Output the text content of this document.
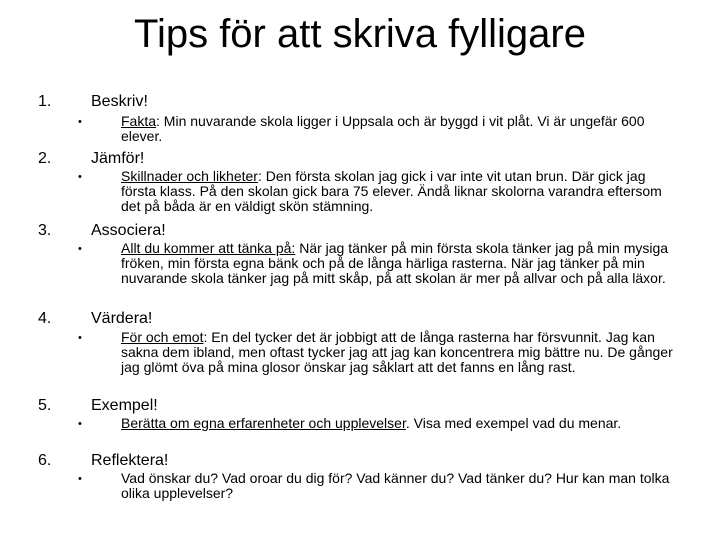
Tips för att skriva fylligare
1. Beskriv!
•	Fakta: Min nuvarande skola ligger i Uppsala och är byggd i vit plåt. Vi är ungefär 600 elever.
2. Jämför!
•	Skillnader och likheter: Den första skolan jag gick i var inte vit utan brun. Där gick jag första klass. På den skolan gick bara 75 elever. Ändå liknar skolorna varandra eftersom det på båda är en väldigt skön stämning.
3. Associera!
•	Allt du kommer att tänka på: När jag tänker på min första skola tänker jag på min mysiga fröken, min första egna bänk och på de långa härliga rasterna. När jag tänker på min nuvarande skola tänker jag på mitt skåp, på att skolan är mer på allvar och på alla läxor.
4. Värdera!
•	För och emot: En del tycker det är jobbigt att de långa rasterna har försvunnit. Jag kan sakna dem ibland, men oftast tycker jag att jag kan koncentrera mig bättre nu. De gånger jag glömt öva på mina glosor önskar jag såklart att det fanns en lång rast.
5. Exempel!
•	Berätta om egna erfarenheter och upplevelser. Visa med exempel vad du menar.
6. Reflektera!
•	Vad önskar du? Vad oroar du dig för? Vad känner du? Vad tänker du? Hur kan man tolka olika upplevelser?
